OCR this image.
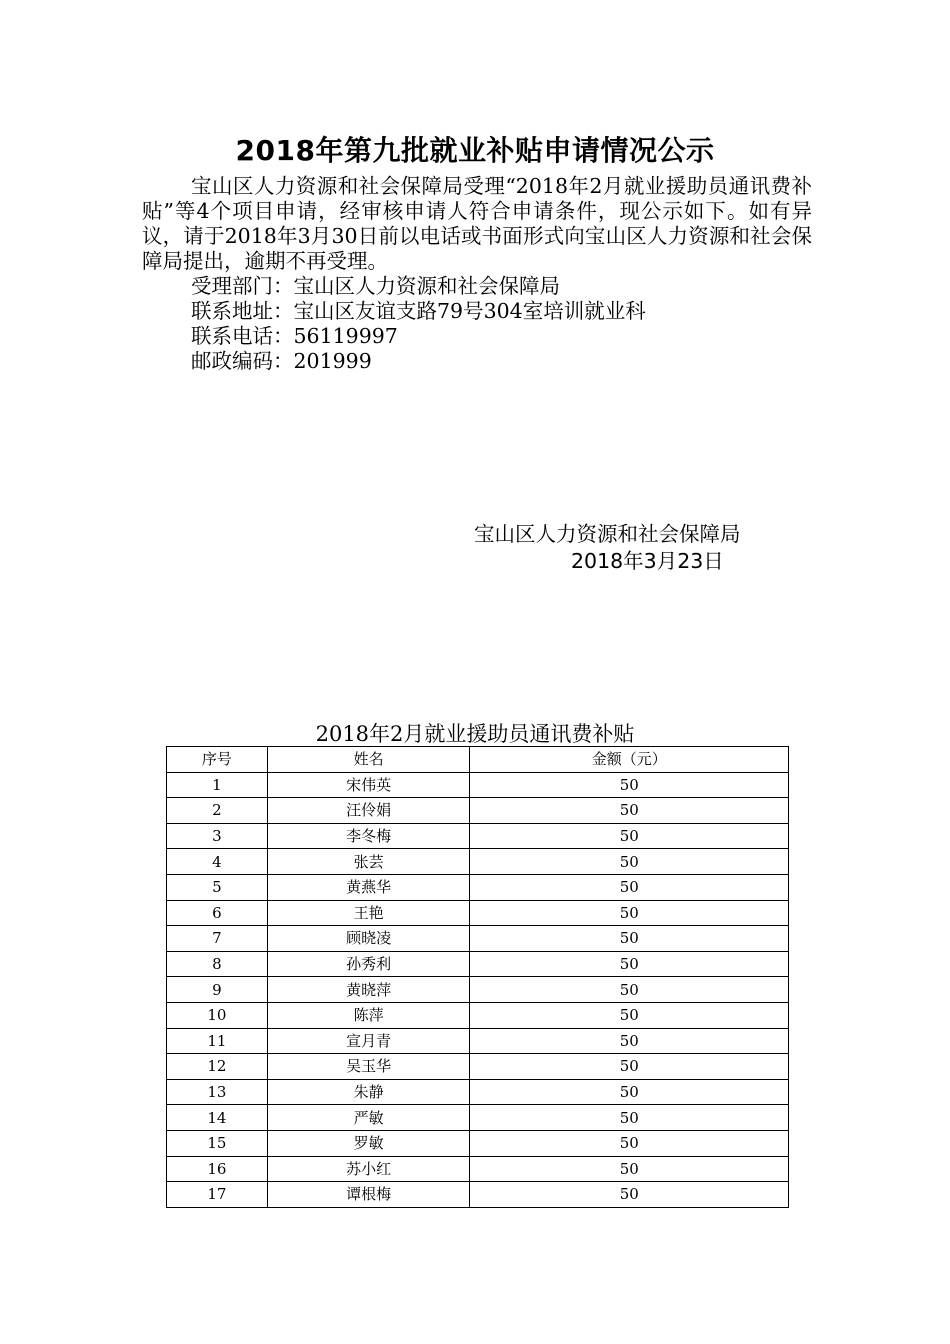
2018年第九批就业补贴申请情况公示

宝山区人力资源和社会保障局受理“2018年2月就业援助员通讯费补贴”等4个项目申请，经审核申请人符合申请条件，现公示如下。如有异议，请于2018年3月30日前以电话或书面形式向宝山区人力资源和社会保障局提出，逾期不再受理。

受理部门：宝山区人力资源和社会保障局
联系地址：宝山区友谊支路79号304室培训就业科
联系电话：56119997
邮政编码：201999
宝山区人力资源和社会保障局
2018年3月23日
2018年2月就业援助员通讯费补贴
序号	姓名	金额（元）
1	宋伟英	50
2	汪伶娟	50
3	李冬梅	50
4	张芸	50
5	黄燕华	50
6	王艳	50
7	顾晓凌	50
8	孙秀利	50
9	黄晓萍	50
10	陈萍	50
11	宣月青	50
12	吴玉华	50
13	朱静	50
14	严敏	50
15	罗敏	50
16	苏小红	50
17	谭根梅	50
